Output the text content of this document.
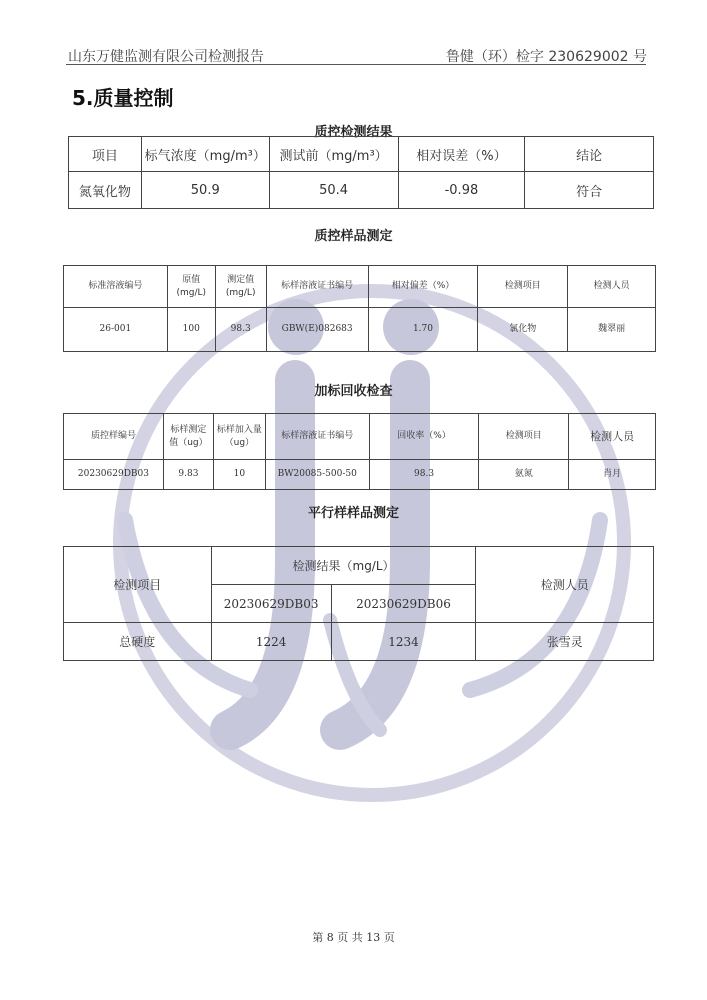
山东万健监测有限公司检测报告	鲁健（环）检字 230629002 号
5.质量控制
质控检测结果
项目	标气浓度（mg/m³）	测试前（mg/m³）	相对误差（%）	结论
氮氧化物	50.9	50.4	-0.98	符合
质控样品测定
标准溶液编号	原值(mg/L)	测定值(mg/L)	标样溶液证书编号	相对偏差（%）	检测项目	检测人员
26-001	100	98.3	GBW(E)082683	1.70	氯化物	魏翠丽
加标回收检查
质控样编号	标样测定值（ug）	标样加入量（ug）	标样溶液证书编号	回收率（%）	检测项目	检测人员
20230629DB03	9.83	10	BW20085-500-50	98.3	氨氮	肖月
平行样样品测定
检测项目	检测结果（mg/L）		检测人员
	20230629DB03	20230629DB06	
总硬度	1224	1234	张雪灵
第 8 页 共 13 页
